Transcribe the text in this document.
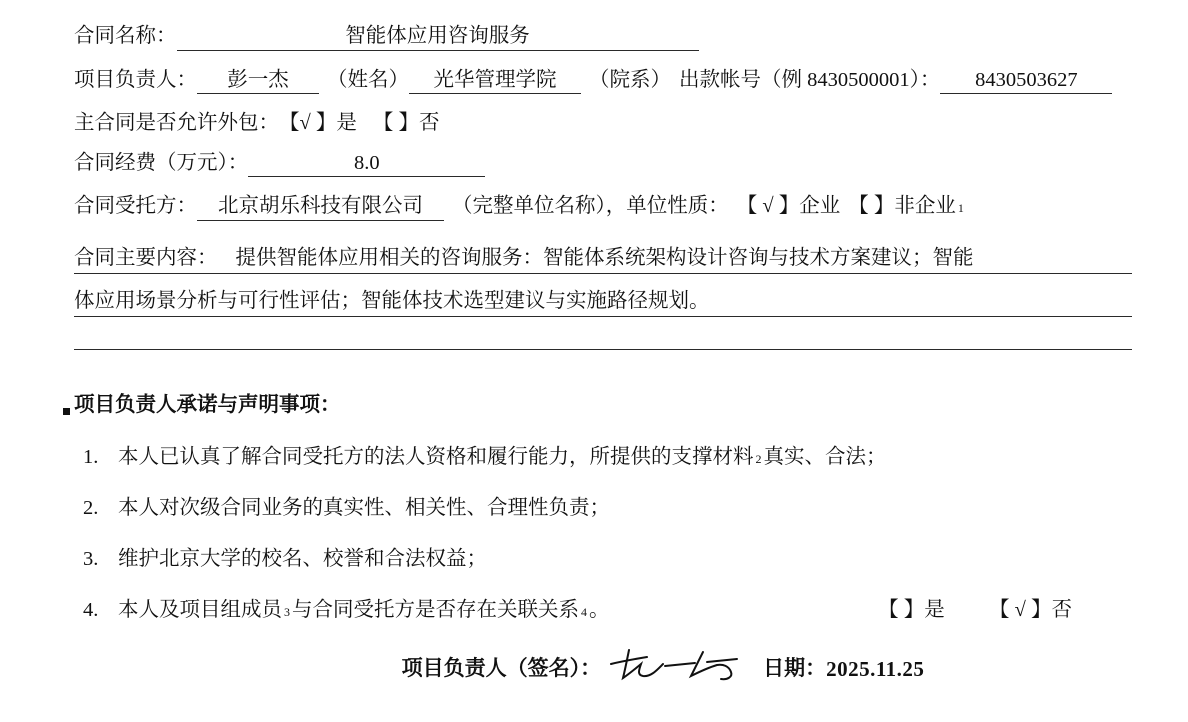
合同名称：	智能体应用咨询服务
项目负责人：	彭一杰	（姓名）	光华管理学院	（院系） 出款帐号（例 8430500001）：	8430503627
主合同是否允许外包： 【√ 】是 【 】否
合同经费（万元）：	8.0
合同受托方：	北京胡乐科技有限公司	（完整单位名称），单位性质： 【 √ 】企业 【 】非企业 1
合同主要内容： 提供智能体应用相关的咨询服务：智能体系统架构设计咨询与技术方案建议；智能
体应用场景分析与可行性评估；智能体技术选型建议与实施路径规划。
项目负责人承诺与声明事项：
1. 本人已认真了解合同受托方的法人资格和履行能力，所提供的支撑材料$_2$ 真实、合法；
2. 本人对次级合同业务的真实性、相关性、合理性负责；
3. 维护北京大学的校名、校誉和合法权益；
4. 本人及项目组成员$_3$ 与合同受托方是否存在关联关系$_4$ 。	【 】是 【 √ 】否
项目负责人（签名）：	日期： 2025.11.25
